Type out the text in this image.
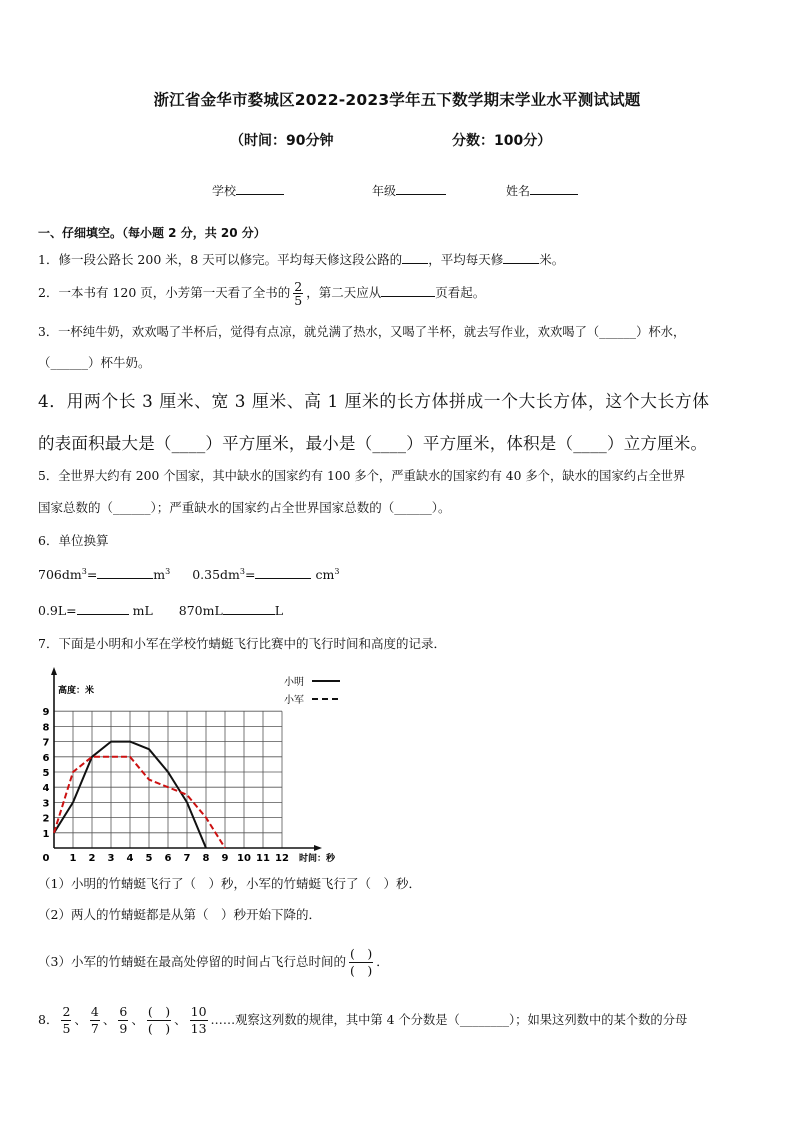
浙江省金华市婺城区2022-2023学年五下数学期末学业水平测试试题
（时间：90分钟	分数：100分）
学校	年级	姓名
一、仔细填空。（每小题 2 分，共 20 分）
1．修一段公路长 200 米，8 天可以修完。平均每天修这段公路的 ，平均每天修	米。
2．一本书有 120 页，小芳第一天看了全书的 $\frac{2}{5}$ ，第二天应从	页看起。
3．一杯纯牛奶，欢欢喝了半杯后，觉得有点凉，就兑满了热水，又喝了半杯，就去写作业，欢欢喝了（______）杯水，
（______）杯牛奶。
4．用两个长 3 厘米、宽 3 厘米、高 1 厘米的长方体拼成一个大长方体，这个大长方体
的表面积最大是（____）平方厘米，最小是（____）平方厘米，体积是（____）立方厘米。
5．全世界大约有 200 个国家，其中缺水的国家约有 100 多个，严重缺水的国家约有 40 多个，缺水的国家约占全世界
国家总数的（______）；严重缺水的国家约占全世界国家总数的（______）。
6．单位换算
$706dm^3=$	$m^3$ $0.35dm^3=$	$cm^3$
0.9L=	mL 870mL	L
7．下面是小明和小军在学校竹蜻蜓飞行比赛中的飞行时间和高度的记录．
0 1 2 3 4 5 6 7 8 9 10 11 12
1
2
3
4
5
6
7
8
9
时间：秒
高度：米
小明
小军
（1）小明的竹蜻蜓飞行了（　）秒，小军的竹蜻蜓飞行了（　）秒．
（2）两人的竹蜻蜓都是从第（　）秒开始下降的．
（3）小军的竹蜻蜓在最高处停留的时间占飞行总时间的 $\frac{( )}{( )}$ ．
8． $\frac{2}{5}$ 、 $\frac{4}{7}$ 、 $\frac{6}{9}$ 、 $\frac{( )}{( )}$ 、 $\frac{10}{13}$ ……观察这列数的规律，其中第 4 个分数是（________）；如果这列数中的某个数的分母
